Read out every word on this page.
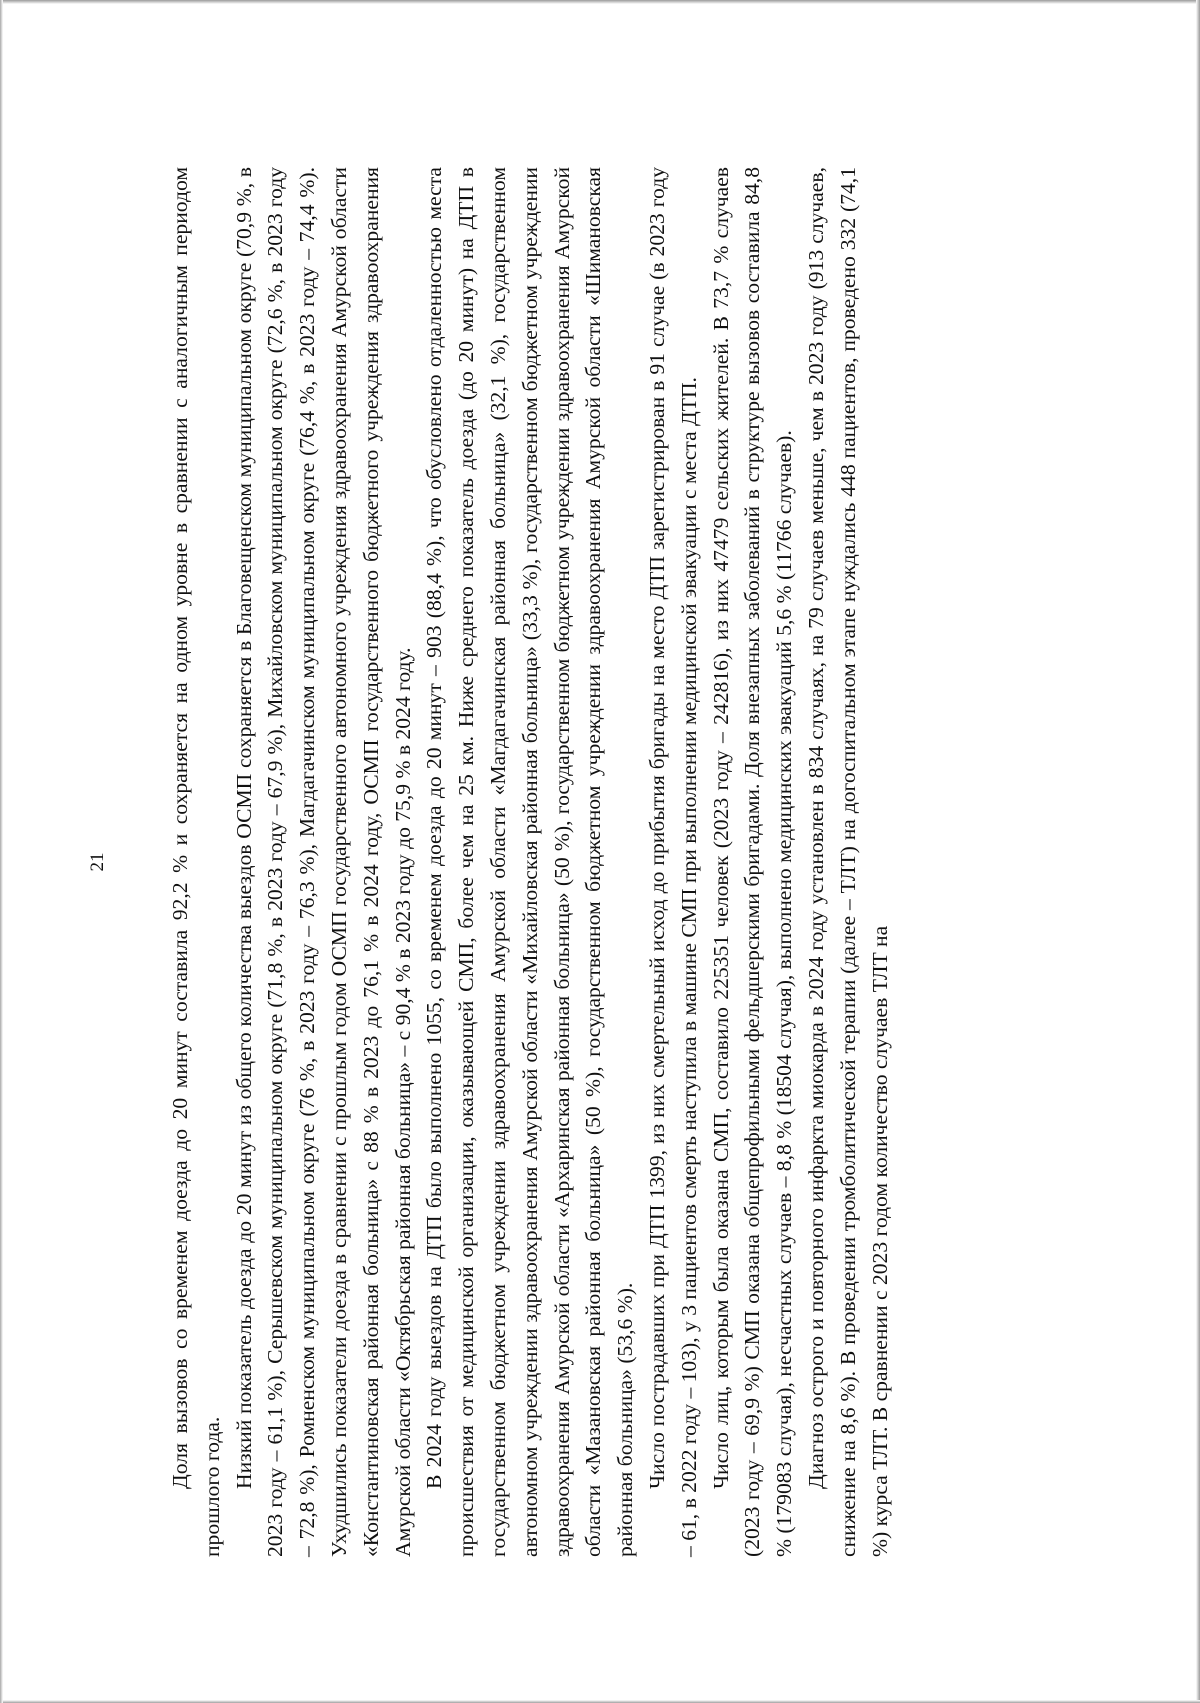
21	Доля вызовов со временем доезда до 20 минут составила 92,2 % и сохраняется на одном уровне в сравнении с аналогичным периодом прошлого года. Низкий показатель доезда до 20 минут из общего количества выездов ОСМП сохраняется в Благовещенском муниципальном округе (70,9 %, в 2023 году – 61,1 %), Серышевском муниципальном округе (71,8 %, в 2023 году – 67,9 %), Михайловском муниципальном округе (72,6 %, в 2023 году – 72,8 %), Ромненском муниципальном округе (76 %, в 2023 году – 76,3 %), Магдагачинском муниципальном округе (76,4 %, в 2023 году – 74,4 %). Ухудшились показатели доезда в сравнении с прошлым годом ОСМП государственного автономного учреждения здравоохранения Амурской области «Константиновская районная больница» с 88 % в 2023 до 76,1 % в 2024 году, ОСМП государственного бюджетного учреждения здравоохранения Амурской области «Октябрьская районная больница» – с 90,4 % в 2023 году до 75,9 % в 2024 году. В 2024 году выездов на ДТП было выполнено 1055, со временем доезда до 20 минут – 903 (88,4 %), что обусловлено отдаленностью места происшествия от медицинской организации, оказывающей СМП, более чем на 25 км. Ниже среднего показатель доезда (до 20 минут) на ДТП в государственном бюджетном учреждении здравоохранения Амурской области «Магдагачинская районная больница» (32,1 %), государственном автономном учреждении здравоохранения Амурской области «Михайловская районная больница» (33,3 %), государственном бюджетном учреждении здравоохранения Амурской области «Архаринская районная больница» (50 %), государственном бюджетном учреждении здравоохранения Амурской области «Мазановская районная больница» (50 %), государственном бюджетном учреждении здравоохранения Амурской области «Шимановская районная больница» (53,6 %). Число пострадавших при ДТП 1399, из них смертельный исход до прибытия бригады на место ДТП зарегистрирован в 91 случае (в 2023 году – 61, в 2022 году – 103), у 3 пациентов смерть наступила в машине СМП при выполнении медицинской эвакуации с места ДТП. Число лиц, которым была оказана СМП, составило 225351 человек (2023 году – 242816), из них 47479 сельских жителей. В 73,7 % случаев (2023 году – 69,9 %) СМП оказана общепрофильными фельдшерскими бригадами. Доля внезапных заболеваний в структуре вызовов составила 84,8 % (179083 случая), несчастных случаев – 8,8 % (18504 случая), выполнено медицинских эвакуаций 5,6 % (11766 случаев). Диагноз острого и повторного инфаркта миокарда в 2024 году установлен в 834 случаях, на 79 случаев меньше, чем в 2023 году (913 случаев, снижение на 8,6 %). В проведении тромболитической терапии (далее – ТЛТ) на догоспитальном этапе нуждались 448 пациентов, проведено 332 (74,1 %) курса ТЛТ. В сравнении с 2023 годом количество случаев ТЛТ на
